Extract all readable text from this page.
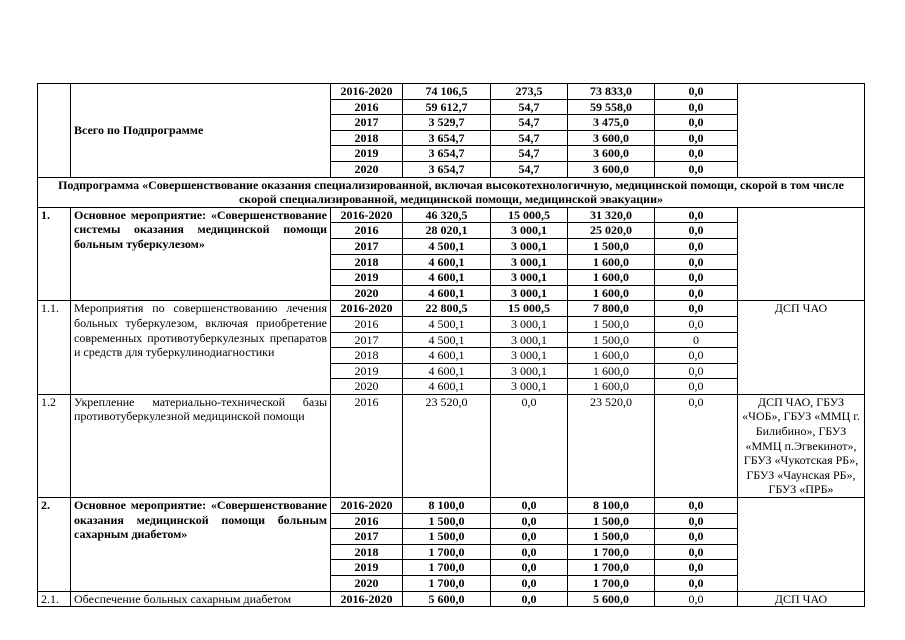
	Всего по Подпрограмме	2016-2020	74 106,5	273,5	73 833,0	0,0	
		2016	59 612,7	54,7	59 558,0	0,0	
		2017	3 529,7	54,7	3 475,0	0,0	
		2018	3 654,7	54,7	3 600,0	0,0	
		2019	3 654,7	54,7	3 600,0	0,0	
		2020	3 654,7	54,7	3 600,0	0,0	
Подпрограмма «Совершенствование оказания специализированной, включая высокотехнологичную, медицинской помощи, скорой в том числе скорой специализированной, медицинской помощи, медицинской эвакуации»							
1.	Основное мероприятие: «Совершенствование системы оказания медицинской помощи больным туберкулезом»	2016-2020	46 320,5	15 000,5	31 320,0	0,0	
		2016	28 020,1	3 000,1	25 020,0	0,0	
		2017	4 500,1	3 000,1	1 500,0	0,0	
		2018	4 600,1	3 000,1	1 600,0	0,0	
		2019	4 600,1	3 000,1	1 600,0	0,0	
		2020	4 600,1	3 000,1	1 600,0	0,0	
1.1.	Мероприятия по совершенствованию лечения больных туберкулезом, включая приобретение современных противотуберкулезных препаратов и средств для туберкулинодиагностики	2016-2020	22 800,5	15 000,5	7 800,0	0,0	ДСП ЧАО
		2016	4 500,1	3 000,1	1 500,0	0,0	
		2017	4 500,1	3 000,1	1 500,0	0	
		2018	4 600,1	3 000,1	1 600,0	0,0	
		2019	4 600,1	3 000,1	1 600,0	0,0	
		2020	4 600,1	3 000,1	1 600,0	0,0	
1.2	Укрепление материально-технической базы противотуберкулезной медицинской помощи	2016	23 520,0	0,0	23 520,0	0,0	ДСП ЧАО, ГБУЗ «ЧОБ», ГБУЗ «ММЦ г. Билибино», ГБУЗ «ММЦ п.Эгвекинот», ГБУЗ «Чукотская РБ», ГБУЗ «Чаунская РБ», ГБУЗ «ПРБ»
2.	Основное мероприятие: «Совершенствование оказания медицинской помощи больным сахарным диабетом»	2016-2020	8 100,0	0,0	8 100,0	0,0	
		2016	1 500,0	0,0	1 500,0	0,0	
		2017	1 500,0	0,0	1 500,0	0,0	
		2018	1 700,0	0,0	1 700,0	0,0	
		2019	1 700,0	0,0	1 700,0	0,0	
		2020	1 700,0	0,0	1 700,0	0,0	
2.1.	Обеспечение больных сахарным диабетом	2016-2020	5 600,0	0,0	5 600,0	0,0	ДСП ЧАО
